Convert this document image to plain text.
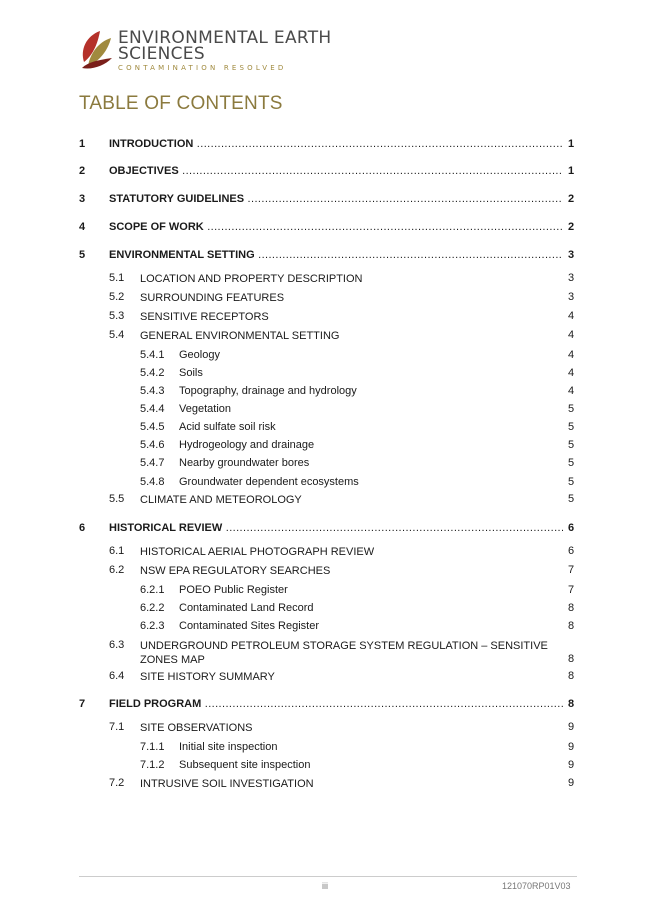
ENVIRONMENTAL EARTH
SCIENCES
CONTAMINATION RESOLVED
TABLE OF CONTENTS
1 INTRODUCTION .....	1
2 OBJECTIVES .....	1
3 STATUTORY GUIDELINES .....	2
4 SCOPE OF WORK .....	2
5 ENVIRONMENTAL SETTING .....	3
5.1 LOCATION AND PROPERTY DESCRIPTION	3
5.2 SURROUNDING FEATURES	3
5.3 SENSITIVE RECEPTORS	4
5.4 GENERAL ENVIRONMENTAL SETTING	4
5.4.1 Geology	4
5.4.2 Soils	4
5.4.3 Topography, drainage and hydrology	4
5.4.4 Vegetation	5
5.4.5 Acid sulfate soil risk	5
5.4.6 Hydrogeology and drainage	5
5.4.7 Nearby groundwater bores	5
5.4.8 Groundwater dependent ecosystems	5
5.5 CLIMATE AND METEOROLOGY	5
6 HISTORICAL REVIEW .....	6
6.1 HISTORICAL AERIAL PHOTOGRAPH REVIEW	6
6.2 NSW EPA REGULATORY SEARCHES	7
6.2.1 POEO Public Register	7
6.2.2 Contaminated Land Record	8
6.2.3 Contaminated Sites Register	8
6.3 UNDERGROUND PETROLEUM STORAGE SYSTEM REGULATION – SENSITIVE ZONES MAP	8
6.4 SITE HISTORY SUMMARY	8
7 FIELD PROGRAM .....	8
7.1 SITE OBSERVATIONS	9
7.1.1 Initial site inspection	9
7.1.2 Subsequent site inspection	9
7.2 INTRUSIVE SOIL INVESTIGATION	9
iii	121070RP01V03
